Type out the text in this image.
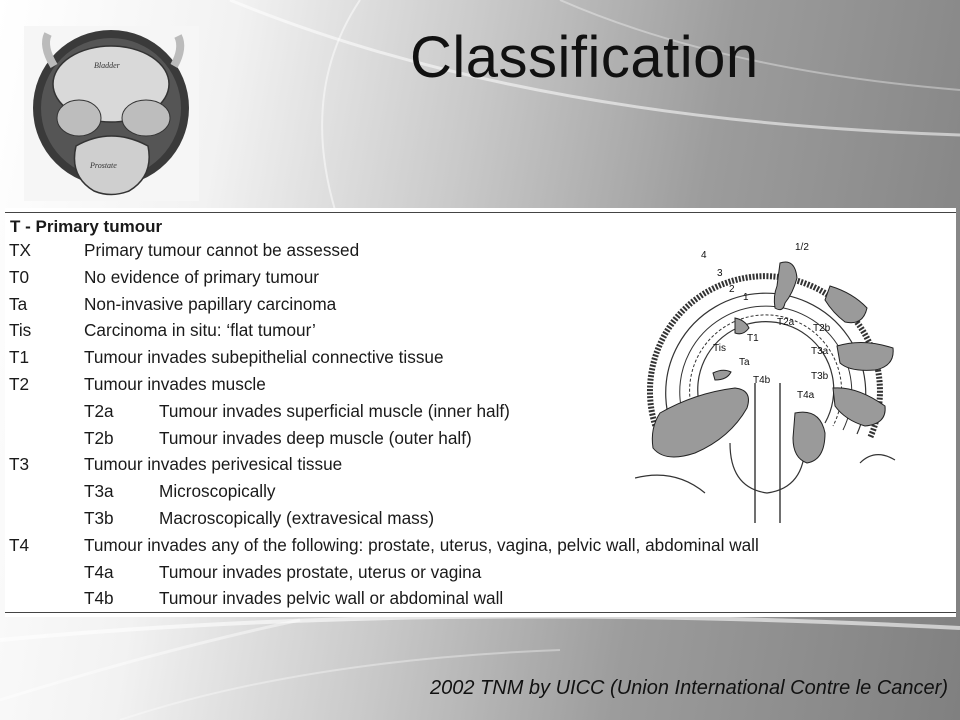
Bladder
Prostate
Classification
T - Primary tumour
TX	Primary tumour cannot be assessed
T0	No evidence of primary tumour
Ta	Non-invasive papillary carcinoma
Tis	Carcinoma in situ: ‘flat tumour’
T1	Tumour invades subepithelial connective tissue
T2	Tumour invades muscle
T2a	Tumour invades superficial muscle (inner half)
T2b	Tumour invades deep muscle (outer half)
T3	Tumour invades perivesical tissue
T3a	Microscopically
T3b	Macroscopically (extravesical mass)
T4	Tumour invades any of the following: prostate, uterus, vagina, pelvic wall, abdominal wall
T4a	Tumour invades prostate, uterus or vagina
T4b	Tumour invades pelvic wall or abdominal wall
4
3
2
1
1/2
T2a
T2b
T1
Tis
Ta
T3a
T3b
T4b
T4a
2002 TNM by UICC (Union International Contre le Cancer)
